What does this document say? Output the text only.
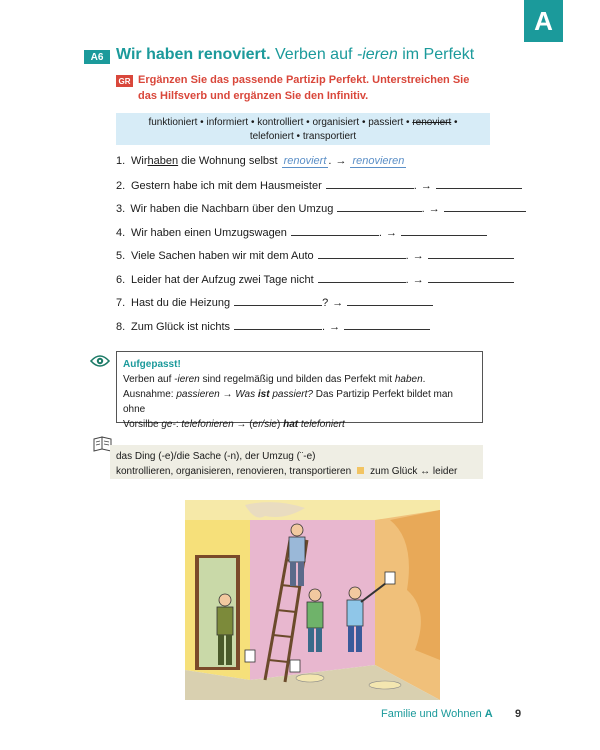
A
A6 Wir haben renoviert. Verben auf -ieren im Perfekt
GR Ergänzen Sie das passende Partizip Perfekt. Unterstreichen Sie
das Hilfsverb und ergänzen Sie den Infinitiv.
funktioniert • informiert • kontrolliert • organisiert • passiert • renoviert •
telefoniert • transportiert
1. Wir haben die Wohnung selbst renoviert . → renovieren
2. Gestern habe ich mit dem Hausmeister	. →
3. Wir haben die Nachbarn über den Umzug	. →
4. Wir haben einen Umzugswagen	. →
5. Viele Sachen haben wir mit dem Auto	. →
6. Leider hat der Aufzug zwei Tage nicht	. →
7. Hast du die Heizung	? →
8. Zum Glück ist nichts	. →
Aufgepasst!
Verben auf -ieren sind regelmäßig und bilden das Perfekt mit haben.
Ausnahme: passieren → Was ist passiert? Das Partizip Perfekt bildet man ohne
Vorsilbe ge-: telefonieren → (er/sie) hat telefoniert
das Ding (-e)/die Sache (-n), der Umzug (¨-e)
kontrollieren, organisieren, renovieren, transportieren zum Glück ↔ leider
Familie und Wohnen A 9
